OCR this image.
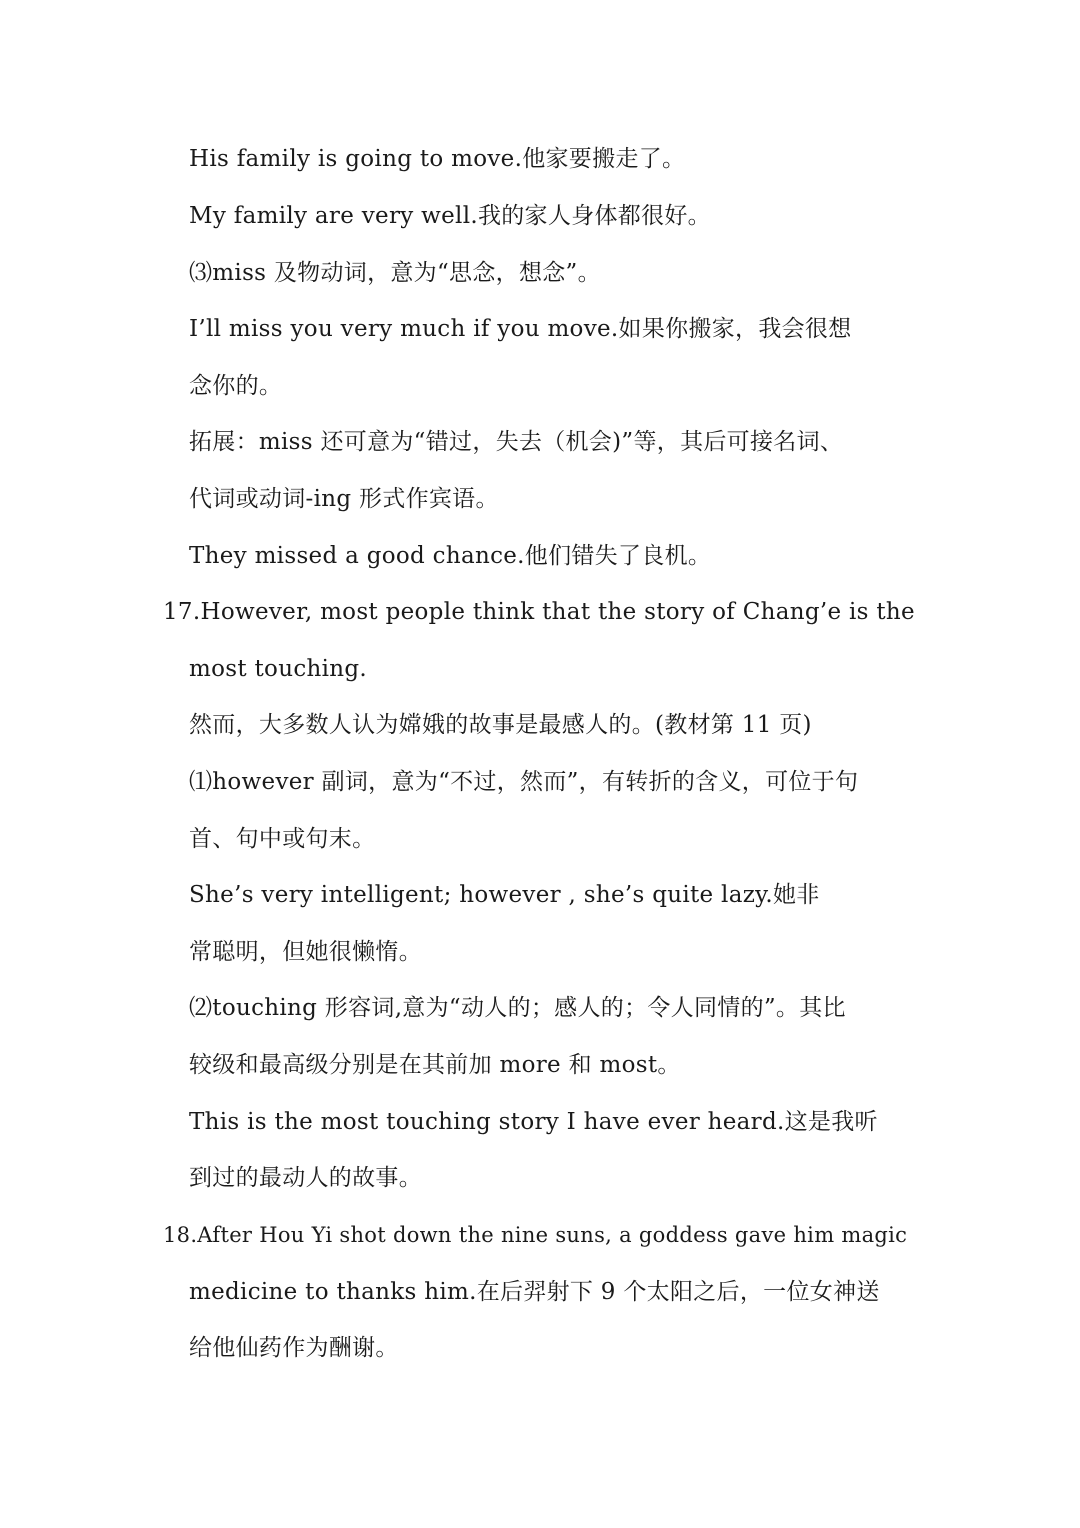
His family is going to move.他家要搬走了。
My family are very well.我的家人身体都很好。
⑶miss 及物动词，意为“思念，想念”。
I’ll miss you very much if you move.如果你搬家，我会很想
念你的。
拓展：miss 还可意为“错过，失去（机会)”等，其后可接名词、
代词或动词-ing 形式作宾语。
They missed a good chance.他们错失了良机。
17.However, most people think that the story of Chang’e is the
most touching.
然而，大多数人认为嫦娥的故事是最感人的。(教材第 11 页)
⑴however 副词，意为“不过，然而”，有转折的含义，可位于句
首、句中或句末。
She’s very intelligent; however , she’s quite lazy.她非
常聪明，但她很懒惰。
⑵touching 形容词,意为“动人的；感人的；令人同情的”。其比
较级和最高级分别是在其前加 more 和 most。
This is the most touching story I have ever heard.这是我听
到过的最动人的故事。
18.After Hou Yi shot down the nine suns, a goddess gave him magic
medicine to thanks him.在后羿射下 9 个太阳之后，一位女神送
给他仙药作为酬谢。
